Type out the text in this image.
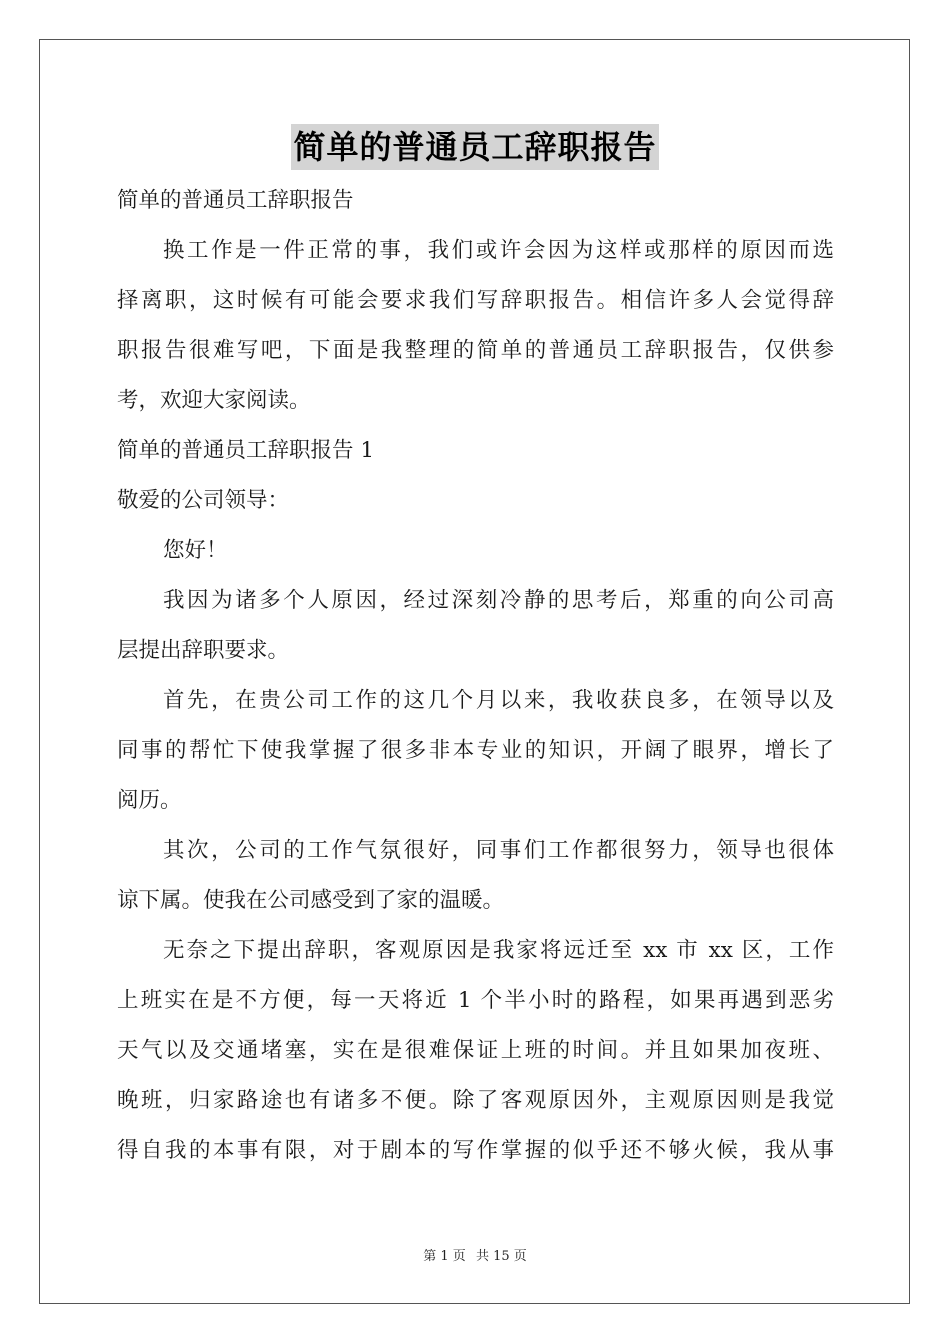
简单的普通员工辞职报告
简单的普通员工辞职报告
换工作是一件正常的事，我们或许会因为这样或那样的原因而选
择离职，这时候有可能会要求我们写辞职报告。相信许多人会觉得辞
职报告很难写吧，下面是我整理的简单的普通员工辞职报告，仅供参
考，欢迎大家阅读。
简单的普通员工辞职报告 1
敬爱的公司领导：
您好！
我因为诸多个人原因，经过深刻冷静的思考后，郑重的向公司高
层提出辞职要求。
首先，在贵公司工作的这几个月以来，我收获良多，在领导以及
同事的帮忙下使我掌握了很多非本专业的知识，开阔了眼界，增长了
阅历。
其次，公司的工作气氛很好，同事们工作都很努力，领导也很体
谅下属。使我在公司感受到了家的温暖。
无奈之下提出辞职，客观原因是我家将远迁至 xx 市 xx 区，工作
上班实在是不方便，每一天将近 1 个半小时的路程，如果再遇到恶劣
天气以及交通堵塞，实在是很难保证上班的时间。并且如果加夜班、
晚班，归家路途也有诸多不便。除了客观原因外，主观原因则是我觉
得自我的本事有限，对于剧本的写作掌握的似乎还不够火候，我从事
第 1 页 共 15 页
